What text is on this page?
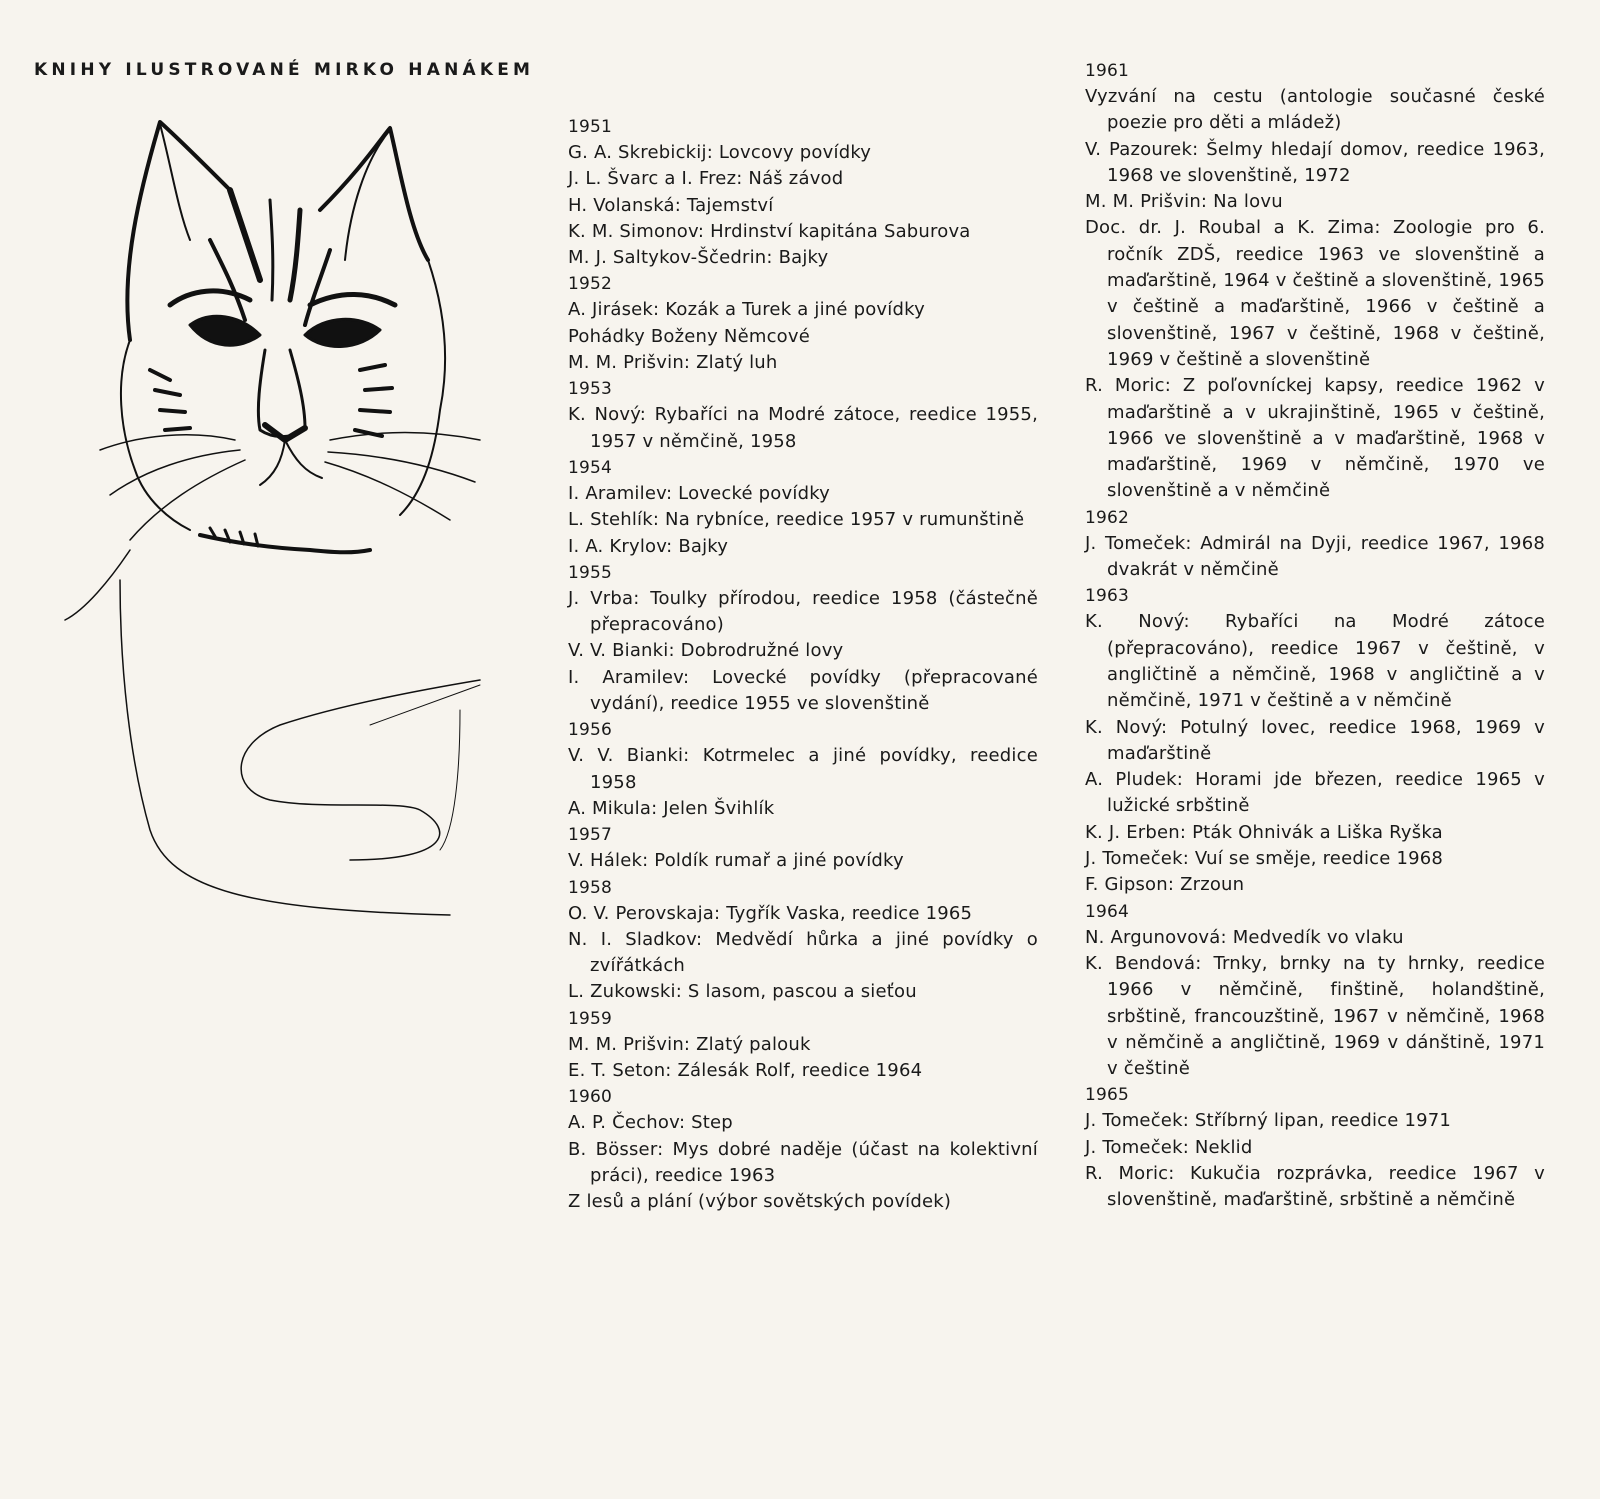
KNIHY ILUSTROVANÉ MIRKO HANÁKEM
1951
G. A. Skrebickij: Lovcovy povídky
J. L. Švarc a I. Frez: Náš závod
H. Volanská: Tajemství
K. M. Simonov: Hrdinství kapitána Saburova
M. J. Saltykov-Ščedrin: Bajky
1952
A. Jirásek: Kozák a Turek a jiné povídky
Pohádky Boženy Němcové
M. M. Prišvin: Zlatý luh
1953
K. Nový: Rybaříci na Modré zátoce, reedice 1955, 1957 v němčině, 1958
1954
I. Aramilev: Lovecké povídky
L. Stehlík: Na rybníce, reedice 1957 v rumunštině
I. A. Krylov: Bajky
1955
J. Vrba: Toulky přírodou, reedice 1958 (částečně přepracováno)
V. V. Bianki: Dobrodružné lovy
I. Aramilev: Lovecké povídky (přepracované vydání), reedice 1955 ve slovenštině
1956
V. V. Bianki: Kotrmelec a jiné povídky, reedice 1958
A. Mikula: Jelen Švihlík
1957
V. Hálek: Poldík rumař a jiné povídky
1958
O. V. Perovskaja: Tygřík Vaska, reedice 1965
N. I. Sladkov: Medvědí hůrka a jiné povídky o zvířátkách
L. Zukowski: S lasom, pascou a sieťou
1959
M. M. Prišvin: Zlatý palouk
E. T. Seton: Zálesák Rolf, reedice 1964
1960
A. P. Čechov: Step
B. Bösser: Mys dobré naděje (účast na kolektivní práci), reedice 1963
Z lesů a plání (výbor sovětských povídek)
1961
Vyzvání na cestu (antologie současné české poezie pro děti a mládež)
V. Pazourek: Šelmy hledají domov, reedice 1963, 1968 ve slovenštině, 1972
M. M. Prišvin: Na lovu
Doc. dr. J. Roubal a K. Zima: Zoologie pro 6. ročník ZDŠ, reedice 1963 ve slovenštině a maďarštině, 1964 v češtině a slovenštině, 1965 v češtině a maďarštině, 1966 v češtině a slovenštině, 1967 v češtině, 1968 v češtině, 1969 v češtině a slovenštině
R. Moric: Z poľovníckej kapsy, reedice 1962 v maďarštině a v ukrajinštině, 1965 v češtině, 1966 ve slovenštině a v maďarštině, 1968 v maďarštině, 1969 v němčině, 1970 ve slovenštině a v němčině
1962
J. Tomeček: Admirál na Dyji, reedice 1967, 1968 dvakrát v němčině
1963
K. Nový: Rybaříci na Modré zátoce (přepracováno), reedice 1967 v češtině, v angličtině a němčině, 1968 v angličtině a v němčině, 1971 v češtině a v němčině
K. Nový: Potulný lovec, reedice 1968, 1969 v maďarštině
A. Pludek: Horami jde březen, reedice 1965 v lužické srbštině
K. J. Erben: Pták Ohnivák a Liška Ryška
J. Tomeček: Vuí se směje, reedice 1968
F. Gipson: Zrzoun
1964
N. Argunovová: Medvedík vo vlaku
K. Bendová: Trnky, brnky na ty hrnky, reedice 1966 v němčině, finštině, holandštině, srbštině, francouzštině, 1967 v němčině, 1968 v němčině a angličtině, 1969 v dánštině, 1971 v češtině
1965
J. Tomeček: Stříbrný lipan, reedice 1971
J. Tomeček: Neklid
R. Moric: Kukučia rozprávka, reedice 1967 v slovenštině, maďarštině, srbštině a němčině
